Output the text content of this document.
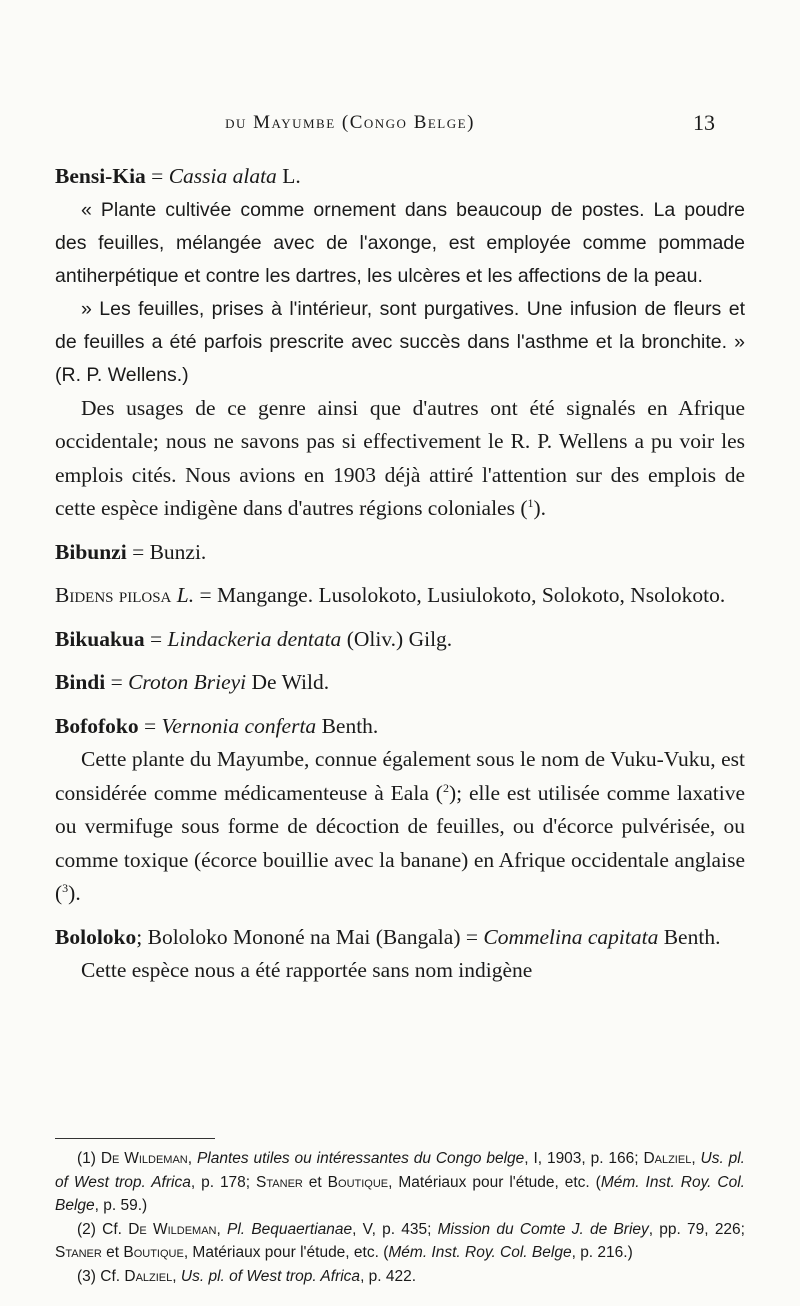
du Mayumbe (Congo Belge)	13

Bensi-Kia = Cassia alata L.

« Plante cultivée comme ornement dans beaucoup de postes. La poudre des feuilles, mélangée avec de l'axonge, est employée comme pommade antiherpétique et contre les dartres, les ulcères et les affections de la peau.

» Les feuilles, prises à l'intérieur, sont purgatives. Une infusion de fleurs et de feuilles a été parfois prescrite avec succès dans l'asthme et la bronchite. » (R. P. Wellens.)

Des usages de ce genre ainsi que d'autres ont été signalés en Afrique occidentale; nous ne savons pas si effectivement le R. P. Wellens a pu voir les emplois cités. Nous avions en 1903 déjà attiré l'attention sur des emplois de cette espèce indigène dans d'autres régions coloniales ($^1$).

Bibunzi = Bunzi.

Bidens pilosa L. = Mangange. Lusolokoto, Lusiulokoto, Solokoto, Nsolokoto.

Bikuakua = Lindackeria dentata (Oliv.) Gilg.

Bindi = Croton Brieyi De Wild.

Bofofoko = Vernonia conferta Benth.

Cette plante du Mayumbe, connue également sous le nom de Vuku-Vuku, est considérée comme médicamenteuse à Eala ($^2$); elle est utilisée comme laxative ou vermifuge sous forme de décoction de feuilles, ou d'écorce pulvérisée, ou comme toxique (écorce bouillie avec la banane) en Afrique occidentale anglaise ($^3$).

Bololoko; Bololoko Mononé na Mai (Bangala) = Commelina capitata Benth.

Cette espèce nous a été rapportée sans nom indigène

(1) De Wildeman, Plantes utiles ou intéressantes du Congo belge, I, 1903, p. 166; Dalziel, Us. pl. of West trop. Africa, p. 178; Staner et Boutique, Matériaux pour l'étude, etc. (Mém. Inst. Roy. Col. Belge, p. 59.)

(2) Cf. De Wildeman, Pl. Bequaertianae, V, p. 435; Mission du Comte J. de Briey, pp. 79, 226; Staner et Boutique, Matériaux pour l'étude, etc. (Mém. Inst. Roy. Col. Belge, p. 216.)

(3) Cf. Dalziel, Us. pl. of West trop. Africa, p. 422.
